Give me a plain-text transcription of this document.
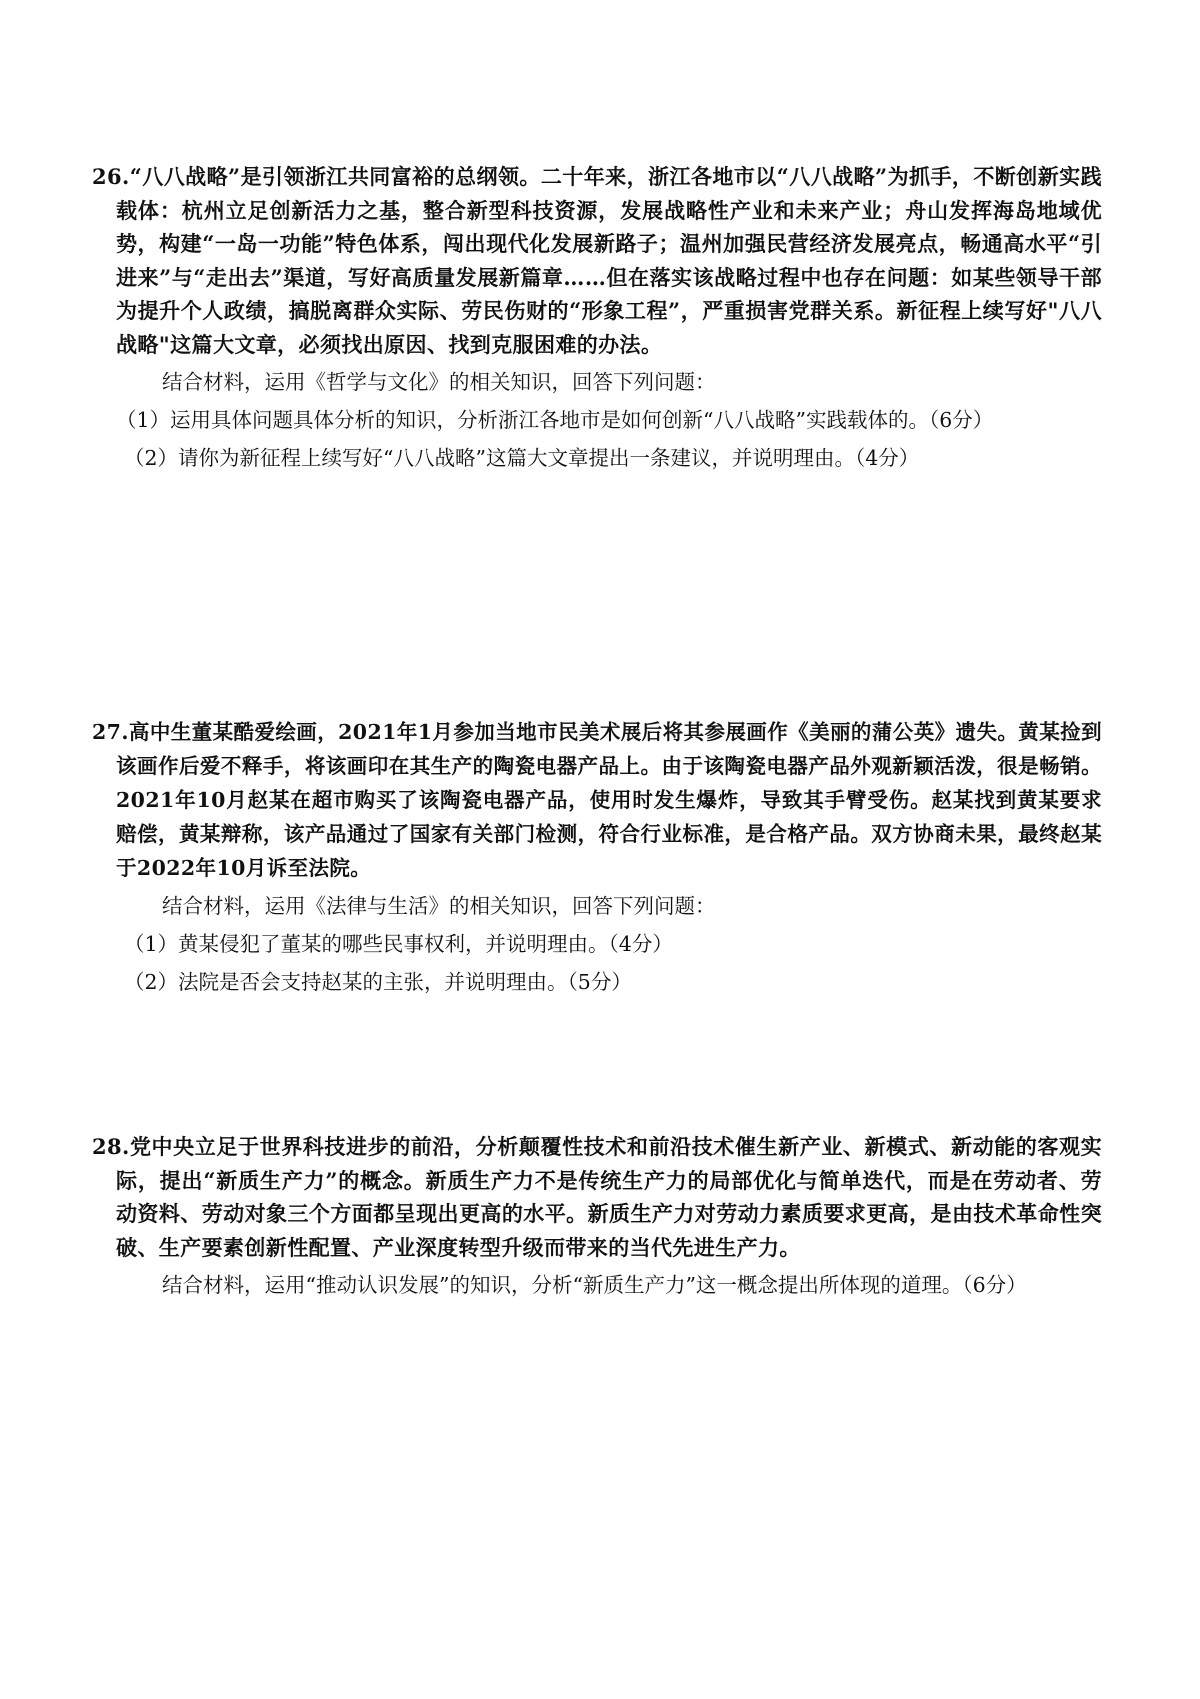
26.“八八战略”是引领浙江共同富裕的总纲领。二十年来，浙江各地市以“八八战略”为抓手，不断创新实践载体：杭州立足创新活力之基，整合新型科技资源，发展战略性产业和未来产业；舟山发挥海岛地域优势，构建“一岛一功能”特色体系，闯出现代化发展新路子；温州加强民营经济发展亮点，畅通高水平“引进来”与“走出去”渠道，写好高质量发展新篇章……但在落实该战略过程中也存在问题：如某些领导干部为提升个人政绩，搞脱离群众实际、劳民伤财的“形象工程”，严重损害党群关系。新征程上续写好"八八战略"这篇大文章，必须找出原因、找到克服困难的办法。

结合材料，运用《哲学与文化》的相关知识，回答下列问题：

（1）运用具体问题具体分析的知识，分析浙江各地市是如何创新“八八战略”实践载体的。（6分）

（2）请你为新征程上续写好“八八战略”这篇大文章提出一条建议，并说明理由。（4分）

27.高中生董某酷爱绘画，2021年1月参加当地市民美术展后将其参展画作《美丽的蒲公英》遗失。黄某捡到该画作后爱不释手，将该画印在其生产的陶瓷电器产品上。由于该陶瓷电器产品外观新颖活泼，很是畅销。2021年10月赵某在超市购买了该陶瓷电器产品，使用时发生爆炸，导致其手臂受伤。赵某找到黄某要求赔偿，黄某辩称，该产品通过了国家有关部门检测，符合行业标准，是合格产品。双方协商未果，最终赵某于2022年10月诉至法院。

结合材料，运用《法律与生活》的相关知识，回答下列问题：

（1）黄某侵犯了董某的哪些民事权利，并说明理由。（4分）

（2）法院是否会支持赵某的主张，并说明理由。（5分）

28.党中央立足于世界科技进步的前沿，分析颠覆性技术和前沿技术催生新产业、新模式、新动能的客观实际，提出“新质生产力”的概念。新质生产力不是传统生产力的局部优化与简单迭代，而是在劳动者、劳动资料、劳动对象三个方面都呈现出更高的水平。新质生产力对劳动力素质要求更高，是由技术革命性突破、生产要素创新性配置、产业深度转型升级而带来的当代先进生产力。

结合材料，运用“推动认识发展”的知识，分析“新质生产力”这一概念提出所体现的道理。（6分）
